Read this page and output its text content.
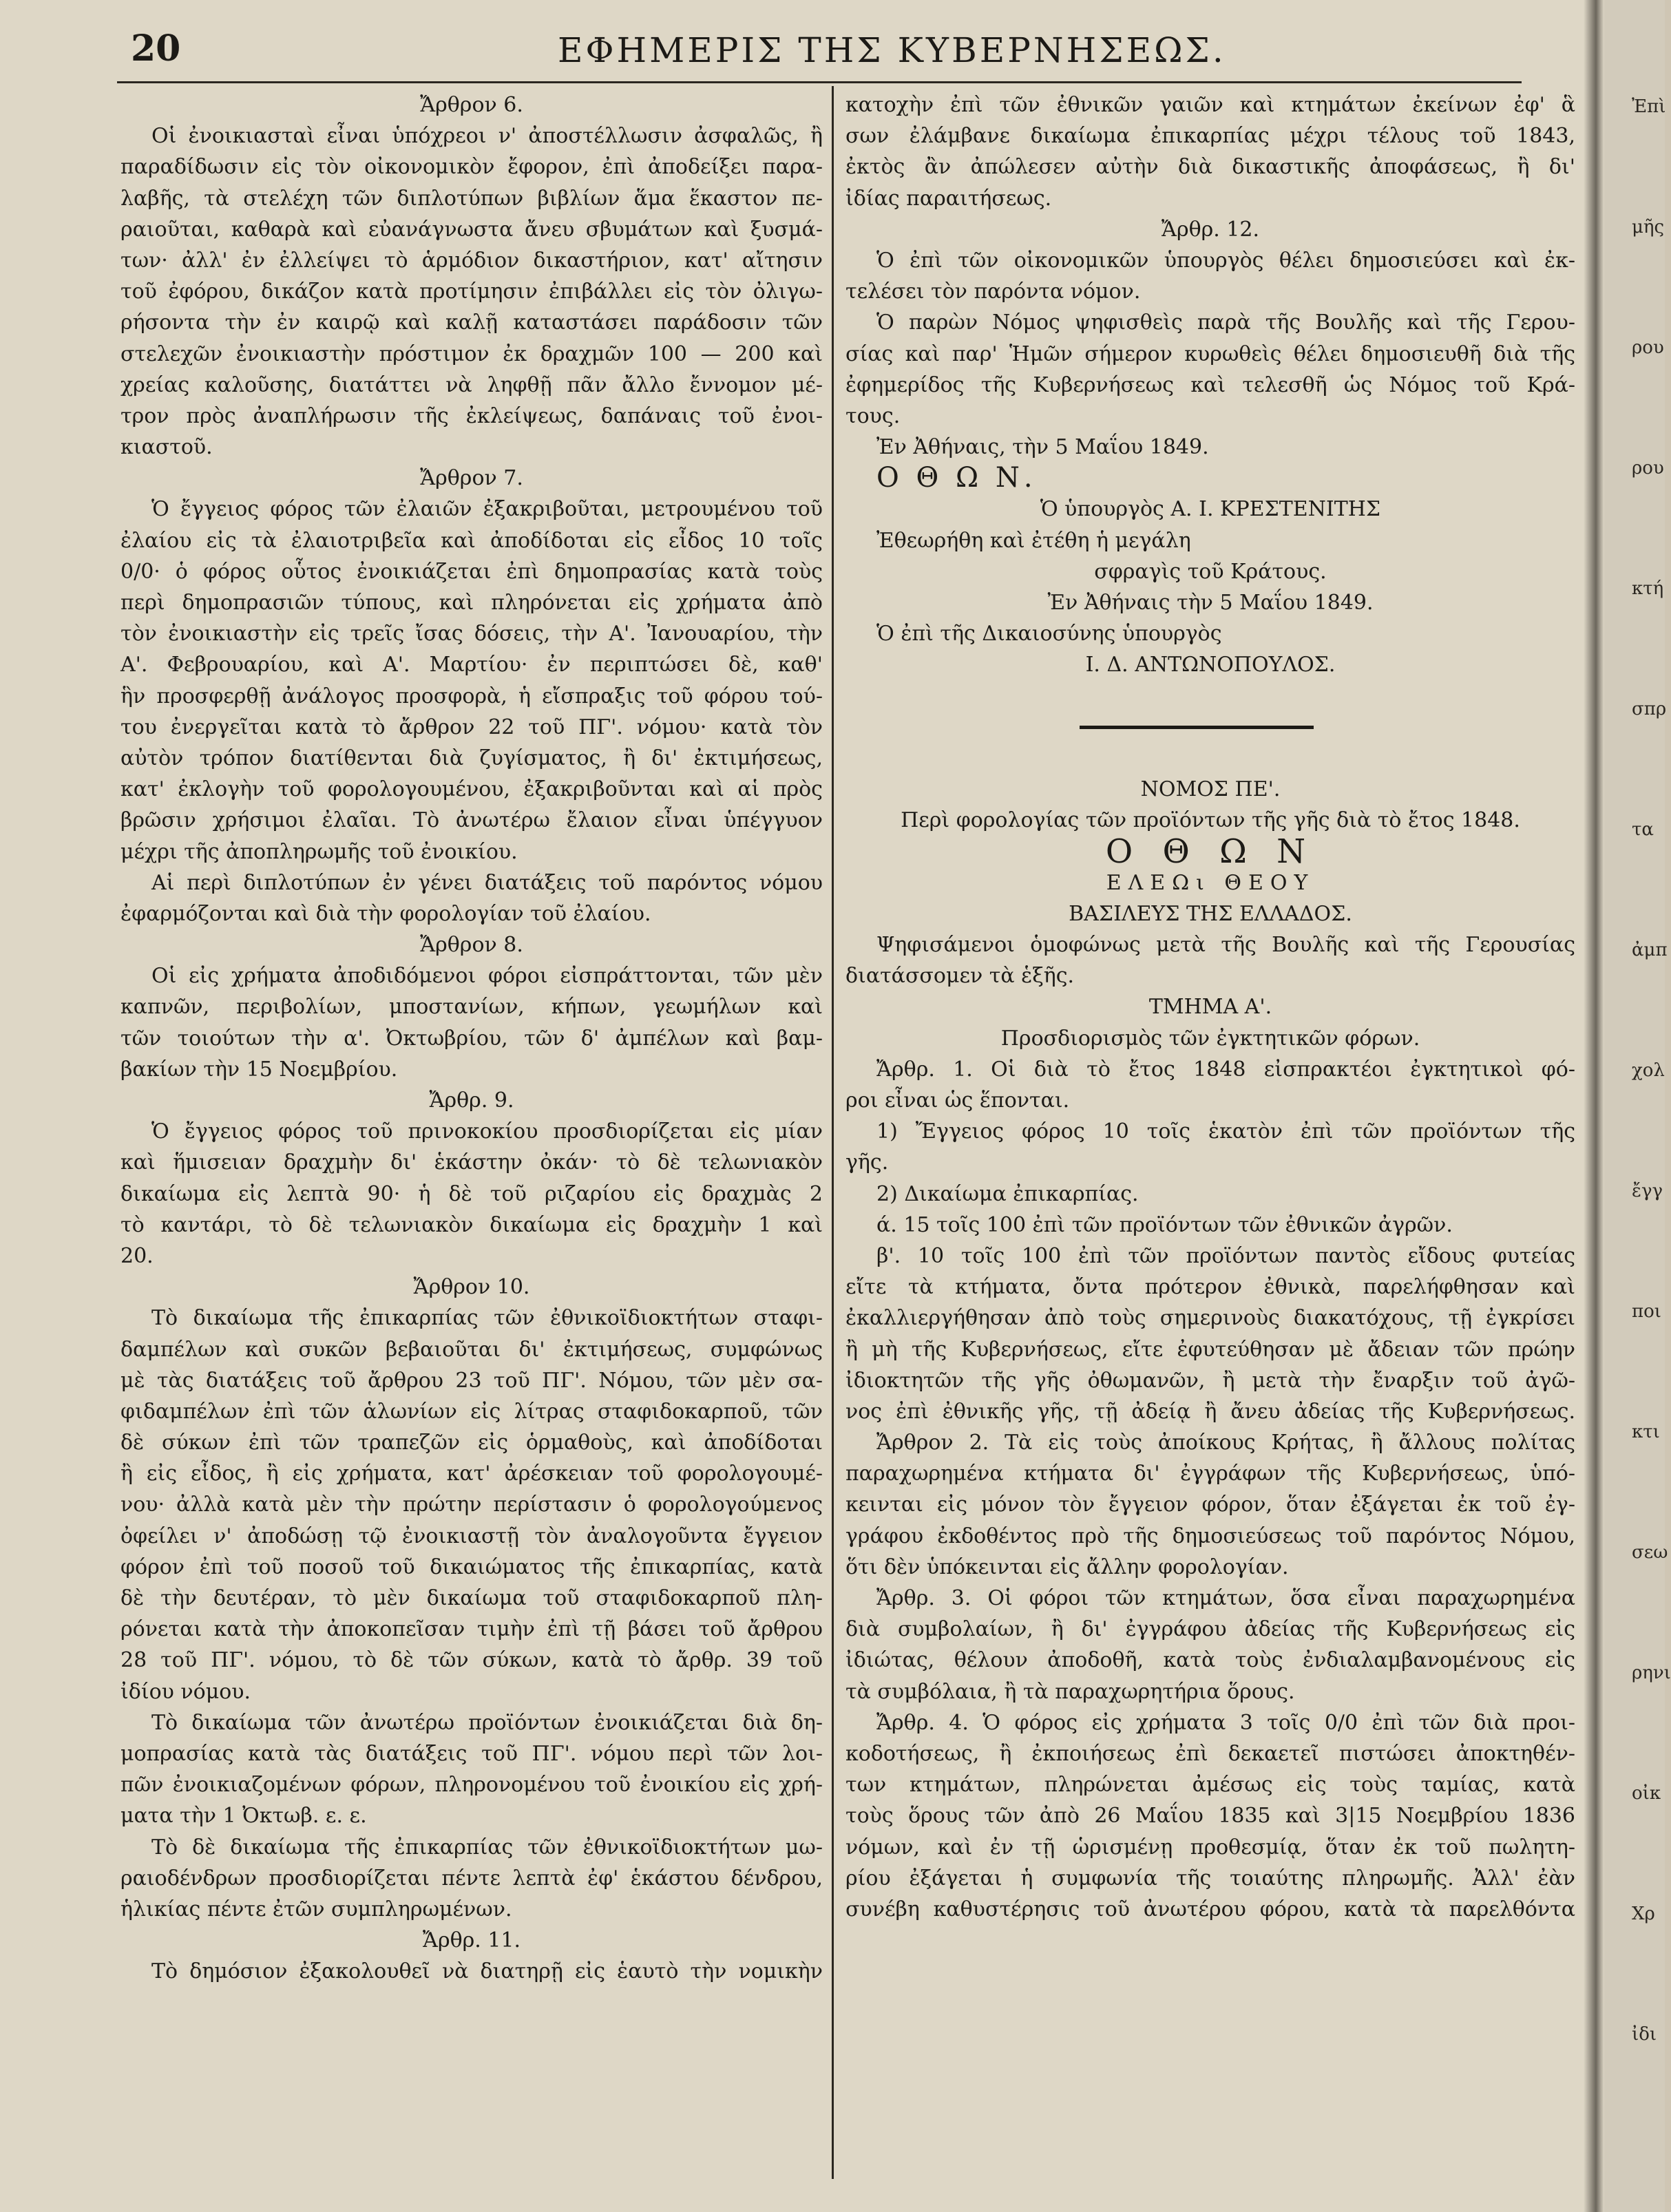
20	ΕΦΗΜΕΡΙΣ ΤΗΣ ΚΥΒΕΡΝΗΣΕΩΣ.
Ἄρθρον 6.
Οἱ ἐνοικιασταὶ εἶναι ὑπόχρεοι ν' ἀποστέλλωσιν ἀσφαλῶς, ἢ
παραδίδωσιν εἰς τὸν οἰκονομικὸν ἔφορον, ἐπὶ ἀποδείξει παρα-
λαβῆς, τὰ στελέχη τῶν διπλοτύπων βιβλίων ἅμα ἕκαστον πε-
ραιοῦται, καθαρὰ καὶ εὐανάγνωστα ἄνευ σβυμάτων καὶ ξυσμά-
των· ἀλλ' ἐν ἐλλείψει τὸ ἁρμόδιον δικαστήριον, κατ' αἴτησιν
τοῦ ἐφόρου, δικάζον κατὰ προτίμησιν ἐπιβάλλει εἰς τὸν ὀλιγω-
ρήσοντα τὴν ἐν καιρῷ καὶ καλῇ καταστάσει παράδοσιν τῶν
στελεχῶν ἐνοικιαστὴν πρόστιμον ἐκ δραχμῶν 100 — 200 καὶ
χρείας καλοῦσης, διατάττει νὰ ληφθῇ πᾶν ἄλλο ἔννομον μέ-
τρον πρὸς ἀναπλήρωσιν τῆς ἐκλείψεως, δαπάναις τοῦ ἐνοι-
κιαστοῦ.
Ἄρθρον 7.
Ὁ ἔγγειος φόρος τῶν ἐλαιῶν ἐξακριβοῦται, μετρουμένου τοῦ
ἐλαίου εἰς τὰ ἐλαιοτριβεῖα καὶ ἀποδίδοται εἰς εἶδος 10 τοῖς
0/0· ὁ φόρος οὗτος ἐνοικιάζεται ἐπὶ δημοπρασίας κατὰ τοὺς
περὶ δημοπρασιῶν τύπους, καὶ πληρόνεται εἰς χρήματα ἀπὸ
τὸν ἐνοικιαστὴν εἰς τρεῖς ἴσας δόσεις, τὴν Α'. Ἰανουαρίου, τὴν
Α'. Φεβρουαρίου, καὶ Α'. Μαρτίου· ἐν περιπτώσει δὲ, καθ'
ἣν προσφερθῇ ἀνάλογος προσφορὰ, ἡ εἴσπραξις τοῦ φόρου τού-
του ἐνεργεῖται κατὰ τὸ ἄρθρον 22 τοῦ ΠΓ'. νόμου· κατὰ τὸν
αὐτὸν τρόπον διατίθενται διὰ ζυγίσματος, ἢ δι' ἐκτιμήσεως,
κατ' ἐκλογὴν τοῦ φορολογουμένου, ἐξακριβοῦνται καὶ αἱ πρὸς
βρῶσιν χρήσιμοι ἐλαῖαι. Τὸ ἀνωτέρω ἔλαιον εἶναι ὑπέγγυον
μέχρι τῆς ἀποπληρωμῆς τοῦ ἐνοικίου.
Αἱ περὶ διπλοτύπων ἐν γένει διατάξεις τοῦ παρόντος νόμου
ἐφαρμόζονται καὶ διὰ τὴν φορολογίαν τοῦ ἐλαίου.
Ἄρθρον 8.
Οἱ εἰς χρήματα ἀποδιδόμενοι φόροι εἰσπράττονται, τῶν μὲν
καπνῶν, περιβολίων, μποστανίων, κήπων, γεωμήλων καὶ
τῶν τοιούτων τὴν α'. Ὀκτωβρίου, τῶν δ' ἀμπέλων καὶ βαμ-
βακίων τὴν 15 Νοεμβρίου.
Ἄρθρ. 9.
Ὁ ἔγγειος φόρος τοῦ πρινοκοκίου προσδιορίζεται εἰς μίαν
καὶ ἥμισειαν δραχμὴν δι' ἑκάστην ὀκάν· τὸ δὲ τελωνιακὸν
δικαίωμα εἰς λεπτὰ 90· ἡ δὲ τοῦ ριζαρίου εἰς δραχμὰς 2
τὸ καντάρι, τὸ δὲ τελωνιακὸν δικαίωμα εἰς δραχμὴν 1 καὶ
20.
Ἄρθρον 10.
Τὸ δικαίωμα τῆς ἐπικαρπίας τῶν ἐθνικοϊδιοκτήτων σταφι-
δαμπέλων καὶ συκῶν βεβαιοῦται δι' ἐκτιμήσεως, συμφώνως
μὲ τὰς διατάξεις τοῦ ἄρθρου 23 τοῦ ΠΓ'. Νόμου, τῶν μὲν σα-
φιδαμπέλων ἐπὶ τῶν ἁλωνίων εἰς λίτρας σταφιδοκαρποῦ, τῶν
δὲ σύκων ἐπὶ τῶν τραπεζῶν εἰς ὁρμαθοὺς, καὶ ἀποδίδοται
ἢ εἰς εἶδος, ἢ εἰς χρήματα, κατ' ἀρέσκειαν τοῦ φορολογουμέ-
νου· ἀλλὰ κατὰ μὲν τὴν πρώτην περίστασιν ὁ φορολογούμενος
ὀφείλει ν' ἀποδώσῃ τῷ ἐνοικιαστῇ τὸν ἀναλογοῦντα ἔγγειον
φόρον ἐπὶ τοῦ ποσοῦ τοῦ δικαιώματος τῆς ἐπικαρπίας, κατὰ
δὲ τὴν δευτέραν, τὸ μὲν δικαίωμα τοῦ σταφιδοκαρποῦ πλη-
ρόνεται κατὰ τὴν ἀποκοπεῖσαν τιμὴν ἐπὶ τῇ βάσει τοῦ ἄρθρου
28 τοῦ ΠΓ'. νόμου, τὸ δὲ τῶν σύκων, κατὰ τὸ ἄρθρ. 39 τοῦ
ἰδίου νόμου.
Τὸ δικαίωμα τῶν ἀνωτέρω προϊόντων ἐνοικιάζεται διὰ δη-
μοπρασίας κατὰ τὰς διατάξεις τοῦ ΠΓ'. νόμου περὶ τῶν λοι-
πῶν ἐνοικιαζομένων φόρων, πληρονομένου τοῦ ἐνοικίου εἰς χρή-
ματα τὴν 1 Ὀκτωβ. ε. ε.
Τὸ δὲ δικαίωμα τῆς ἐπικαρπίας τῶν ἐθνικοϊδιοκτήτων μω-
ραιοδένδρων προσδιορίζεται πέντε λεπτὰ ἐφ' ἑκάστου δένδρου,
ἡλικίας πέντε ἐτῶν συμπληρωμένων.
Ἄρθρ. 11.
Τὸ δημόσιον ἐξακολουθεῖ νὰ διατηρῇ εἰς ἑαυτὸ τὴν νομικὴν
κατοχὴν ἐπὶ τῶν ἐθνικῶν γαιῶν καὶ κτημάτων ἐκείνων ἐφ' ἃ
σων ἐλάμβανε δικαίωμα ἐπικαρπίας μέχρι τέλους τοῦ 1843,
ἐκτὸς ἂν ἀπώλεσεν αὐτὴν διὰ δικαστικῆς ἀποφάσεως, ἢ δι'
ἰδίας παραιτήσεως.
Ἄρθρ. 12.
Ὁ ἐπὶ τῶν οἰκονομικῶν ὑπουργὸς θέλει δημοσιεύσει καὶ ἐκ-
τελέσει τὸν παρόντα νόμον.
Ὁ παρὼν Νόμος ψηφισθεὶς παρὰ τῆς Βουλῆς καὶ τῆς Γερου-
σίας καὶ παρ' Ἡμῶν σήμερον κυρωθεὶς θέλει δημοσιευθῆ διὰ τῆς
ἐφημερίδος τῆς Κυβερνήσεως καὶ τελεσθῆ ὡς Νόμος τοῦ Κρά-
τους.
Ἐν Ἀθήναις, τὴν 5 Μαΐου 1849.
Ο Θ Ω Ν.
Ὁ ὑπουργὸς Α. Ι. ΚΡΕΣΤΕΝΙΤΗΣ
Ἐθεωρήθη καὶ ἐτέθη ἡ μεγάλη
σφραγὶς τοῦ Κράτους.
Ἐν Ἀθήναις τὴν 5 Μαΐου 1849.
Ὁ ἐπὶ τῆς Δικαιοσύνης ὑπουργὸς
Ι. Δ. ΑΝΤΩΝΟΠΟΥΛΟΣ.
ΝΟΜΟΣ ΠΕ'.
Περὶ φορολογίας τῶν προϊόντων τῆς γῆς διὰ τὸ ἔτος 1848.
Ο Θ Ω Ν
ΕΛΕΩι ΘΕΟΥ
ΒΑΣΙΛΕΥΣ ΤΗΣ ΕΛΛΑΔΟΣ.
Ψηφισάμενοι ὁμοφώνως μετὰ τῆς Βουλῆς καὶ τῆς Γερουσίας
διατάσσομεν τὰ ἑξῆς.
ΤΜΗΜΑ Α'.
Προσδιορισμὸς τῶν ἐγκτητικῶν φόρων.
Ἄρθρ. 1. Οἱ διὰ τὸ ἔτος 1848 εἰσπρακτέοι ἐγκτητικοὶ φό-
ροι εἶναι ὡς ἕπονται.
1) Ἔγγειος φόρος 10 τοῖς ἑκατὸν ἐπὶ τῶν προϊόντων τῆς
γῆς.
2) Δικαίωμα ἐπικαρπίας.
ά. 15 τοῖς 100 ἐπὶ τῶν προϊόντων τῶν ἐθνικῶν ἀγρῶν.
β'. 10 τοῖς 100 ἐπὶ τῶν προϊόντων παντὸς εἴδους φυτείας
εἴτε τὰ κτήματα, ὄντα πρότερον ἐθνικὰ, παρελήφθησαν καὶ
ἐκαλλιεργήθησαν ἀπὸ τοὺς σημερινοὺς διακατόχους, τῇ ἐγκρίσει
ἢ μὴ τῆς Κυβερνήσεως, εἴτε ἐφυτεύθησαν μὲ ἄδειαν τῶν πρώην
ἰδιοκτητῶν τῆς γῆς ὀθωμανῶν, ἢ μετὰ τὴν ἔναρξιν τοῦ ἀγῶ-
νος ἐπὶ ἐθνικῆς γῆς, τῇ ἀδείᾳ ἢ ἄνευ ἀδείας τῆς Κυβερνήσεως.
Ἄρθρον 2. Τὰ εἰς τοὺς ἀποίκους Κρήτας, ἢ ἄλλους πολίτας
παραχωρημένα κτήματα δι' ἐγγράφων τῆς Κυβερνήσεως, ὑπό-
κεινται εἰς μόνον τὸν ἔγγειον φόρον, ὅταν ἐξάγεται ἐκ τοῦ ἐγ-
γράφου ἐκδοθέντος πρὸ τῆς δημοσιεύσεως τοῦ παρόντος Νόμου,
ὅτι δὲν ὑπόκεινται εἰς ἄλλην φορολογίαν.
Ἄρθρ. 3. Οἱ φόροι τῶν κτημάτων, ὅσα εἶναι παραχωρημένα
διὰ συμβολαίων, ἢ δι' ἐγγράφου ἀδείας τῆς Κυβερνήσεως εἰς
ἰδιώτας, θέλουν ἀποδοθῆ, κατὰ τοὺς ἐνδιαλαμβανομένους εἰς
τὰ συμβόλαια, ἢ τὰ παραχωρητήρια ὅρους.
Ἄρθρ. 4. Ὁ φόρος εἰς χρήματα 3 τοῖς 0/0 ἐπὶ τῶν διὰ προι-
κοδοτήσεως, ἢ ἐκποιήσεως ἐπὶ δεκαετεῖ πιστώσει ἀποκτηθέν-
των κτημάτων, πληρώνεται ἀμέσως εἰς τοὺς ταμίας, κατὰ
τοὺς ὅρους τῶν ἀπὸ 26 Μαΐου 1835 καὶ 3|15 Νοεμβρίου 1836
νόμων, καὶ ἐν τῇ ὡρισμένῃ προθεσμίᾳ, ὅταν ἐκ τοῦ πωλητη-
ρίου ἐξάγεται ἡ συμφωνία τῆς τοιαύτης πληρωμῆς. Ἀλλ' ἐὰν
συνέβη καθυστέρησις τοῦ ἀνωτέρου φόρου, κατὰ τὰ παρελθόντα
Ἐπὶ
μῆς
ρου
ρου
κτή
σπρ
τα
ἀμπ
χολ
ἔγγ
ποι
κτι
σεω
ρηνι
οἰκ
Χρ
ἰδι
